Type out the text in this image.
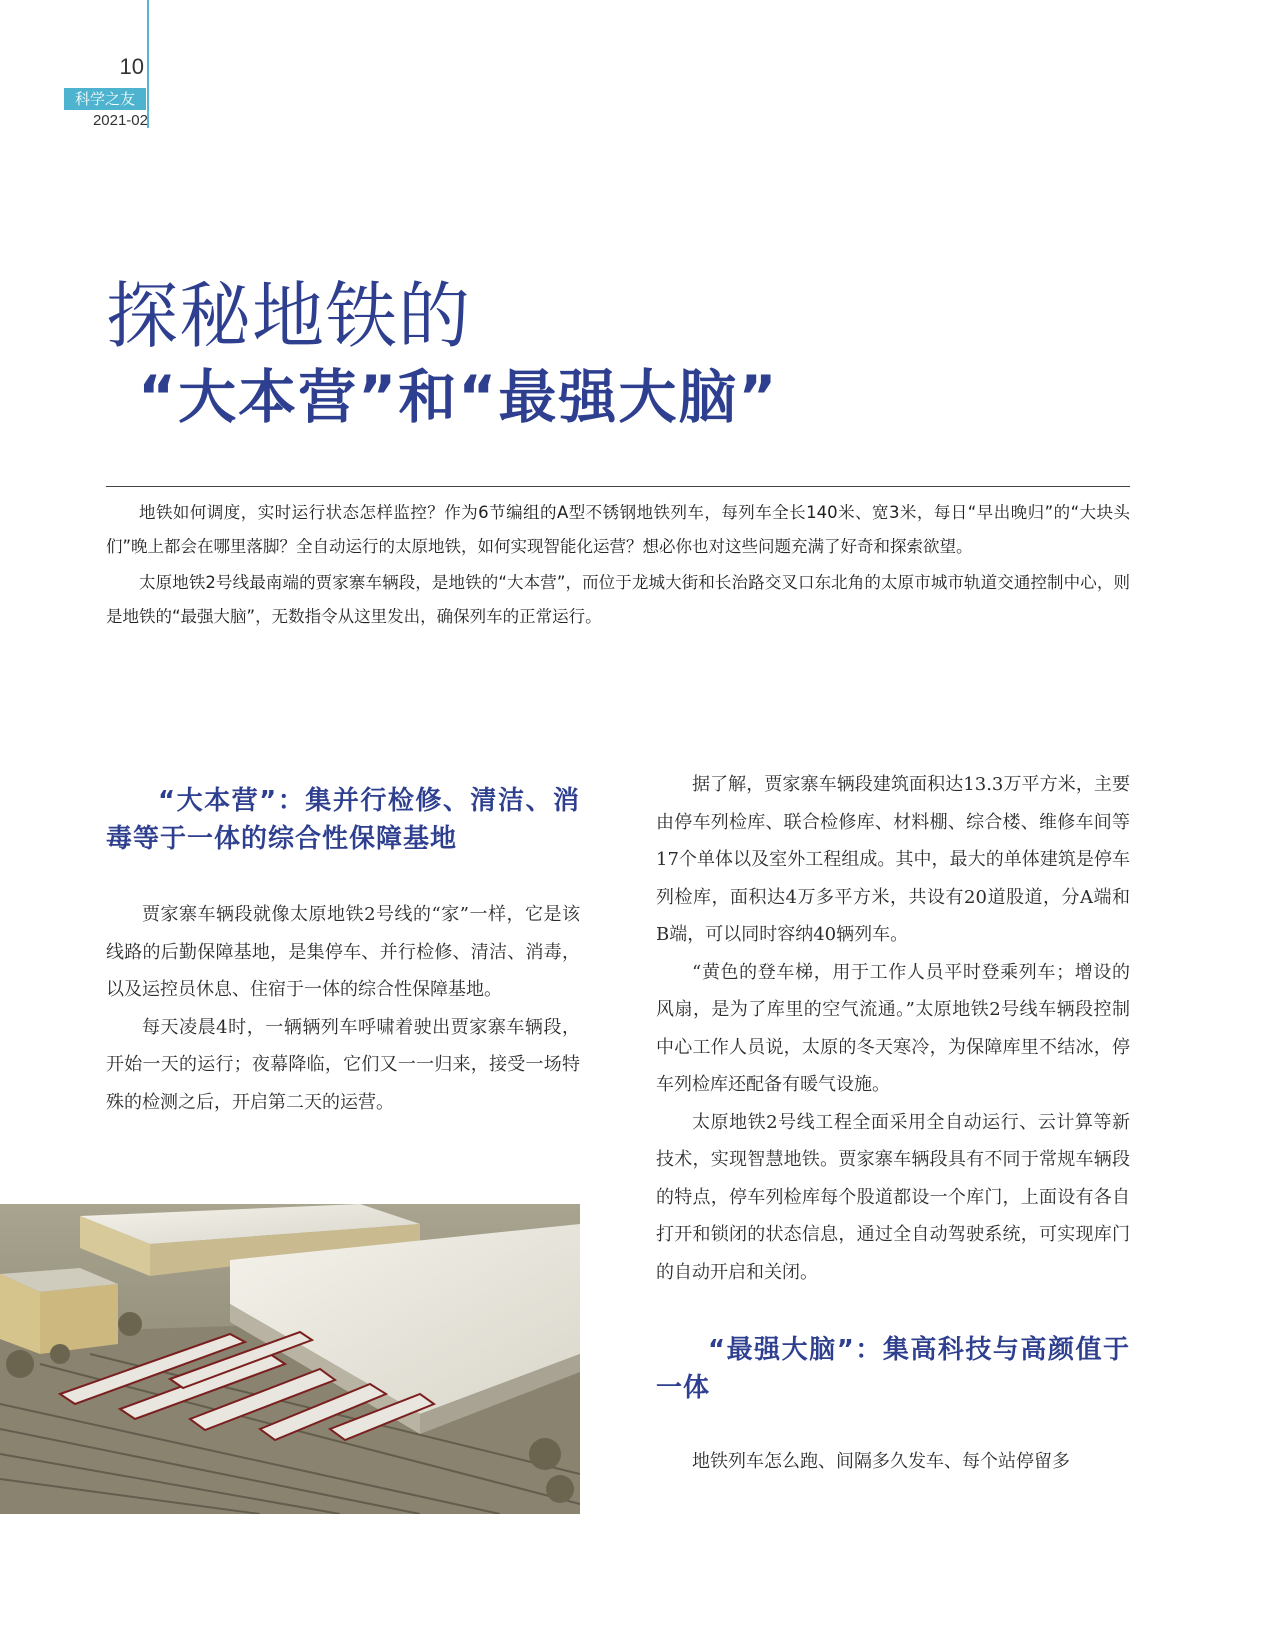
10
科学之友
2021-02
探秘地铁的
“大本营”和“最强大脑”

地铁如何调度，实时运行状态怎样监控？作为6节编组的A型不锈钢地铁列车，每列车全长140米、宽3米，每日“早出晚归”的“大块头们”晚上都会在哪里落脚？全自动运行的太原地铁，如何实现智能化运营？想必你也对这些问题充满了好奇和探索欲望。

太原地铁2号线最南端的贾家寨车辆段，是地铁的“大本营”，而位于龙城大街和长治路交叉口东北角的太原市城市轨道交通控制中心，则是地铁的“最强大脑”，无数指令从这里发出，确保列车的正常运行。

“大本营”：集并行检修、清洁、消毒等于一体的综合性保障基地

贾家寨车辆段就像太原地铁2号线的“家”一样，它是该线路的后勤保障基地，是集停车、并行检修、清洁、消毒，以及运控员休息、住宿于一体的综合性保障基地。

每天凌晨4时，一辆辆列车呼啸着驶出贾家寨车辆段，开始一天的运行；夜幕降临，它们又一一归来，接受一场特殊的检测之后，开启第二天的运营。

据了解，贾家寨车辆段建筑面积达13.3万平方米，主要由停车列检库、联合检修库、材料棚、综合楼、维修车间等17个单体以及室外工程组成。其中，最大的单体建筑是停车列检库，面积达4万多平方米，共设有20道股道，分A端和B端，可以同时容纳40辆列车。

“黄色的登车梯，用于工作人员平时登乘列车；增设的风扇，是为了库里的空气流通。”太原地铁2号线车辆段控制中心工作人员说，太原的冬天寒冷，为保障库里不结冰，停车列检库还配备有暖气设施。

太原地铁2号线工程全面采用全自动运行、云计算等新技术，实现智慧地铁。贾家寨车辆段具有不同于常规车辆段的特点，停车列检库每个股道都设一个库门，上面设有各自打开和锁闭的状态信息，通过全自动驾驶系统，可实现库门的自动开启和关闭。

“最强大脑”：集高科技与高颜值于一体

地铁列车怎么跑、间隔多久发车、每个站停留多
